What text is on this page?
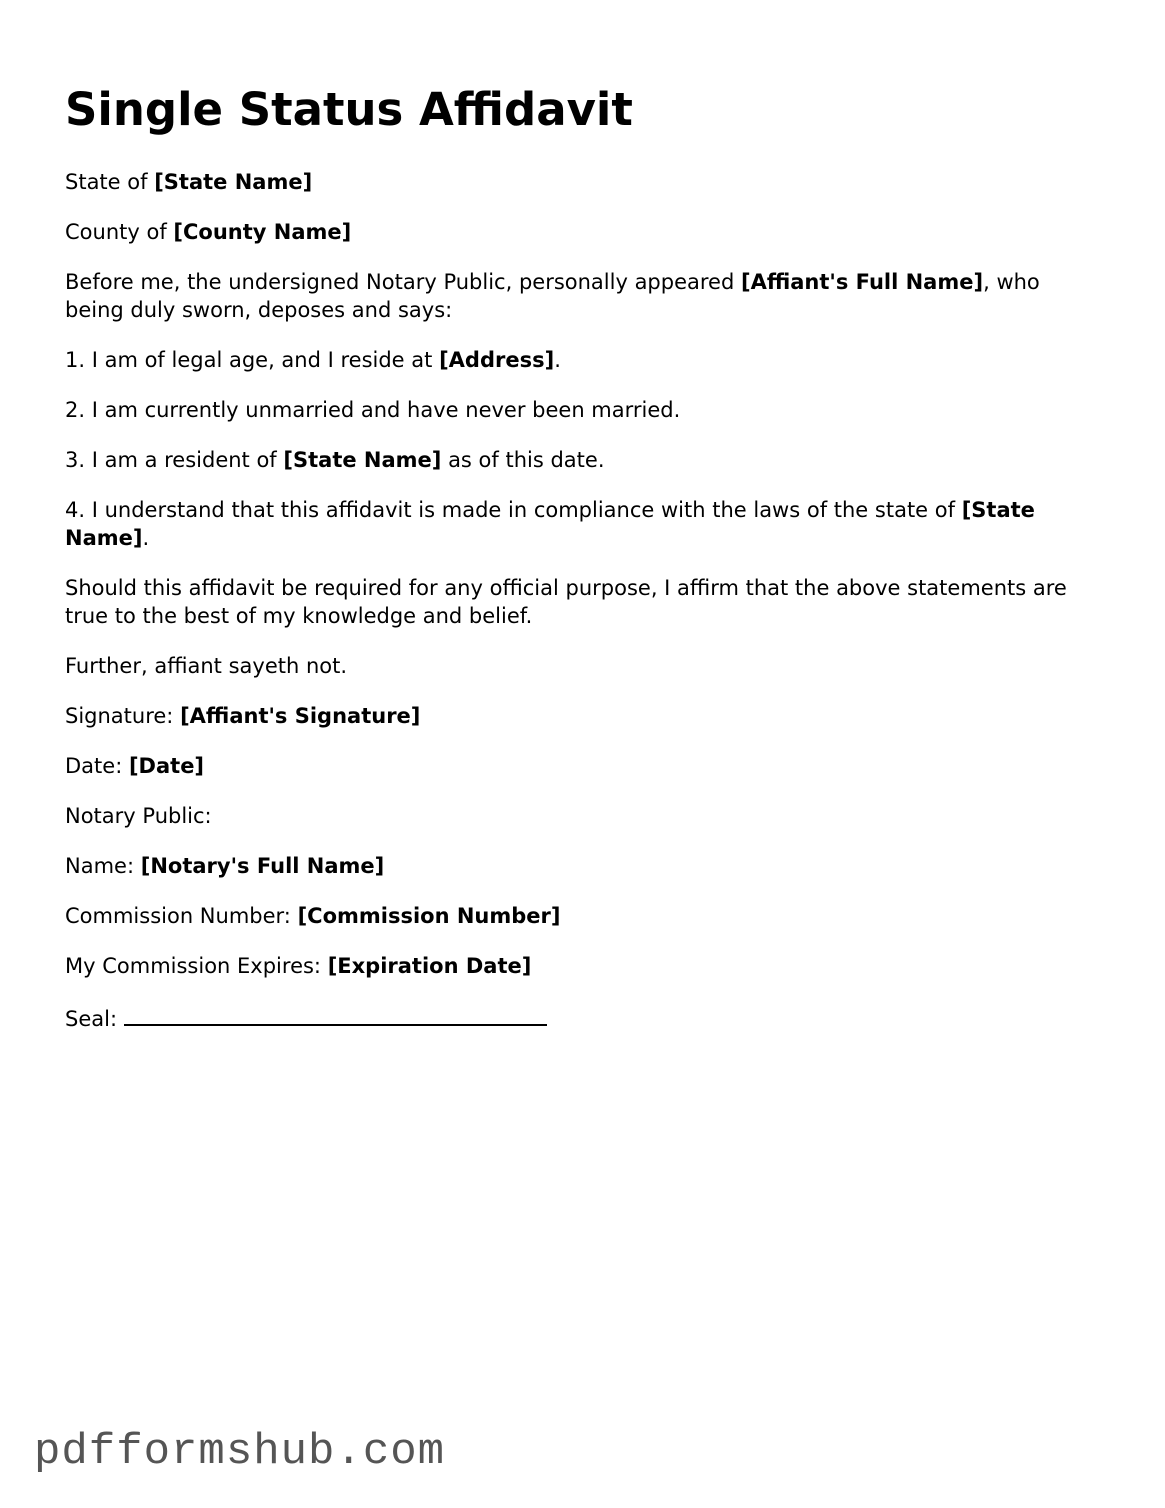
Single Status Affidavit

State of [State Name]

County of [County Name]

Before me, the undersigned Notary Public, personally appeared [Affiant's Full Name], who being duly sworn, deposes and says:

1. I am of legal age, and I reside at [Address].

2. I am currently unmarried and have never been married.

3. I am a resident of [State Name] as of this date.

4. I understand that this affidavit is made in compliance with the laws of the state of [State Name].

Should this affidavit be required for any official purpose, I affirm that the above statements are true to the best of my knowledge and belief.

Further, affiant sayeth not.

Signature: [Affiant's Signature]

Date: [Date]

Notary Public:

Name: [Notary's Full Name]

Commission Number: [Commission Number]

My Commission Expires: [Expiration Date]

Seal:

pdfformshub.com
